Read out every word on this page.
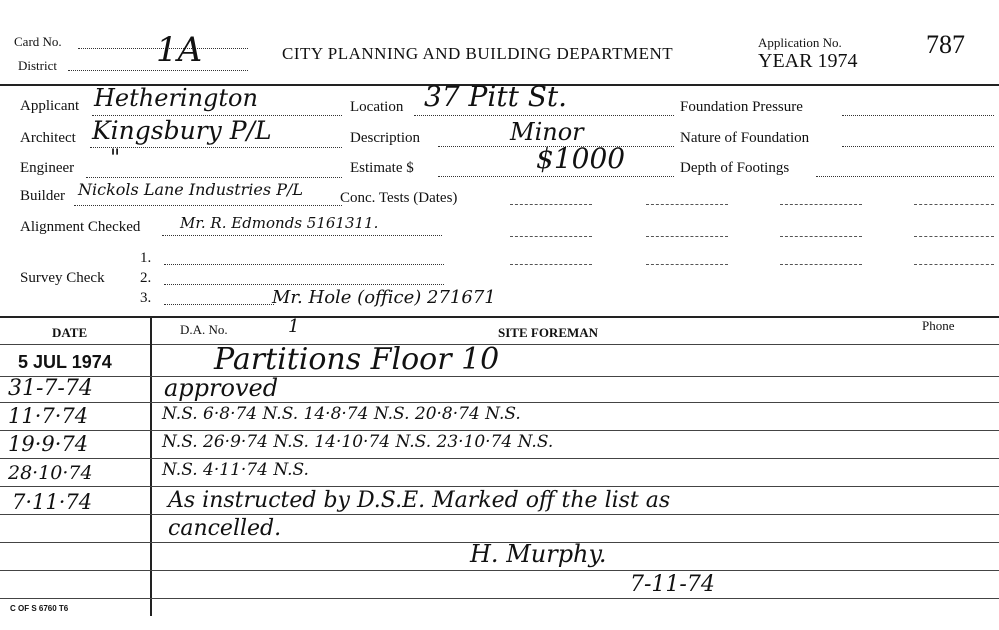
Card No.
District	1A	CITY PLANNING AND BUILDING DEPARTMENT
Application No.
YEAR 1974
787
Applicant Hetherington
Architect Kingsbury P/L
Engineer "
Builder Nickols Lane Industries P/L
Alignment Checked	Mr. R. Edmonds 5161311.
Location 37 Pitt St.
Description	Minor
Estimate $	$1000
Conc. Tests (Dates)
Foundation Pressure
Nature of Foundation
Depth of Footings
Survey Check
1.
2.
3.	Mr. Hole (office) 271671
DATE	D.A. No.	1	SITE FOREMAN	Phone
5 JUL 1974	Partitions Floor 10
31-7-74	approved
11·7·74	N.S. 6·8·74 N.S. 14·8·74 N.S. 20·8·74 N.S.
19·9·74	N.S. 26·9·74 N.S. 14·10·74 N.S. 23·10·74 N.S.
28·10·74	N.S. 4·11·74 N.S.
7·11·74	As instructed by D.S.E. Marked off the list as
cancelled.
H. Murphy.
7-11-74
C OF S 6760 T6
